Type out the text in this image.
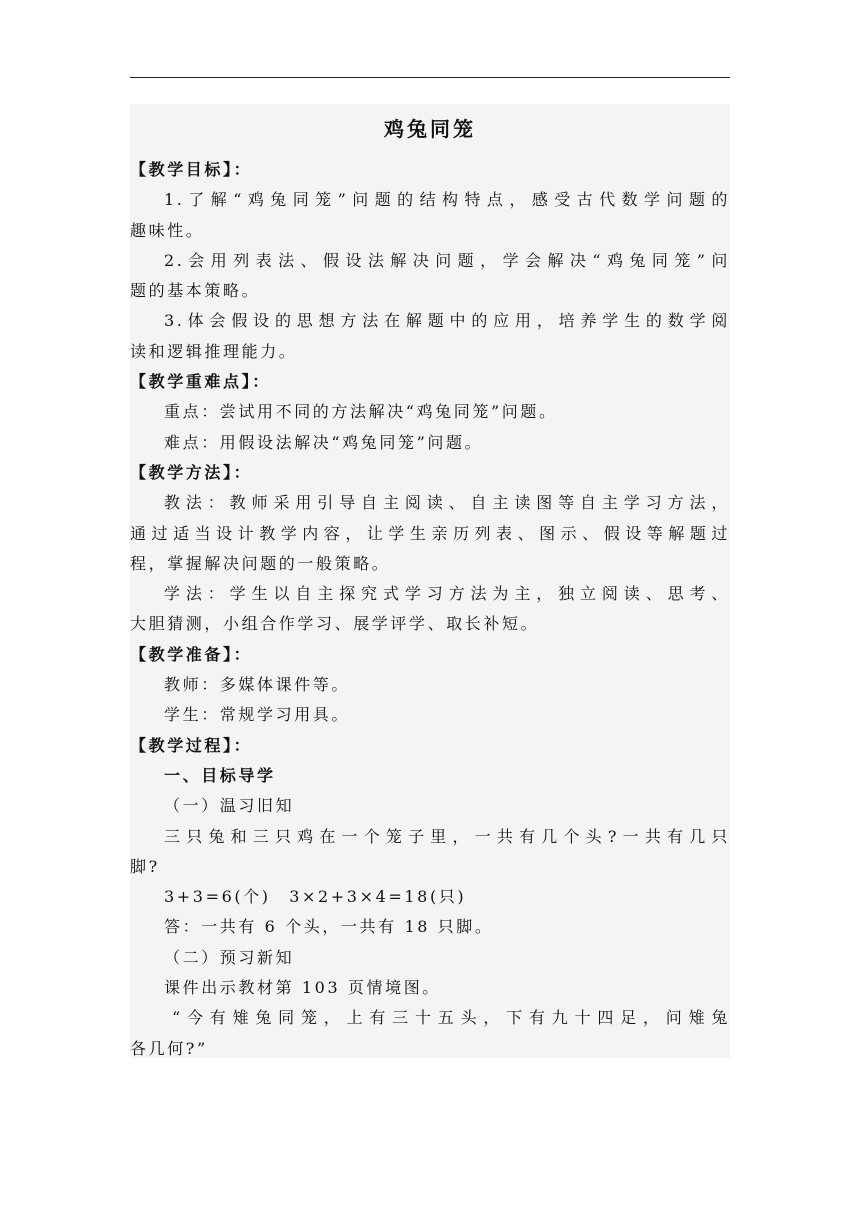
鸡兔同笼
【教学目标】：
1.了解“鸡兔同笼”问题的结构特点，感受古代数学问题的
趣味性。
2.会用列表法、假设法解决问题，学会解决“鸡兔同笼”问
题的基本策略。
3.体会假设的思想方法在解题中的应用，培养学生的数学阅
读和逻辑推理能力。
【教学重难点】：
重点：尝试用不同的方法解决“鸡兔同笼”问题。
难点：用假设法解决“鸡兔同笼”问题。
【教学方法】：
教法：教师采用引导自主阅读、自主读图等自主学习方法，
通过适当设计教学内容，让学生亲历列表、图示、假设等解题过
程，掌握解决问题的一般策略。
学法：学生以自主探究式学习方法为主，独立阅读、思考、
大胆猜测，小组合作学习、展学评学、取长补短。
【教学准备】：
教师：多媒体课件等。
学生：常规学习用具。
【教学过程】：
一、目标导学
（一）温习旧知
三只兔和三只鸡在一个笼子里，一共有几个头?一共有几只
脚?
3+3=6(个)　3×2+3×4=18(只)
答：一共有 6 个头，一共有 18 只脚。
（二）预习新知
课件出示教材第 103 页情境图。
“今有雉兔同笼，上有三十五头，下有九十四足，问雉兔
各几何?”
